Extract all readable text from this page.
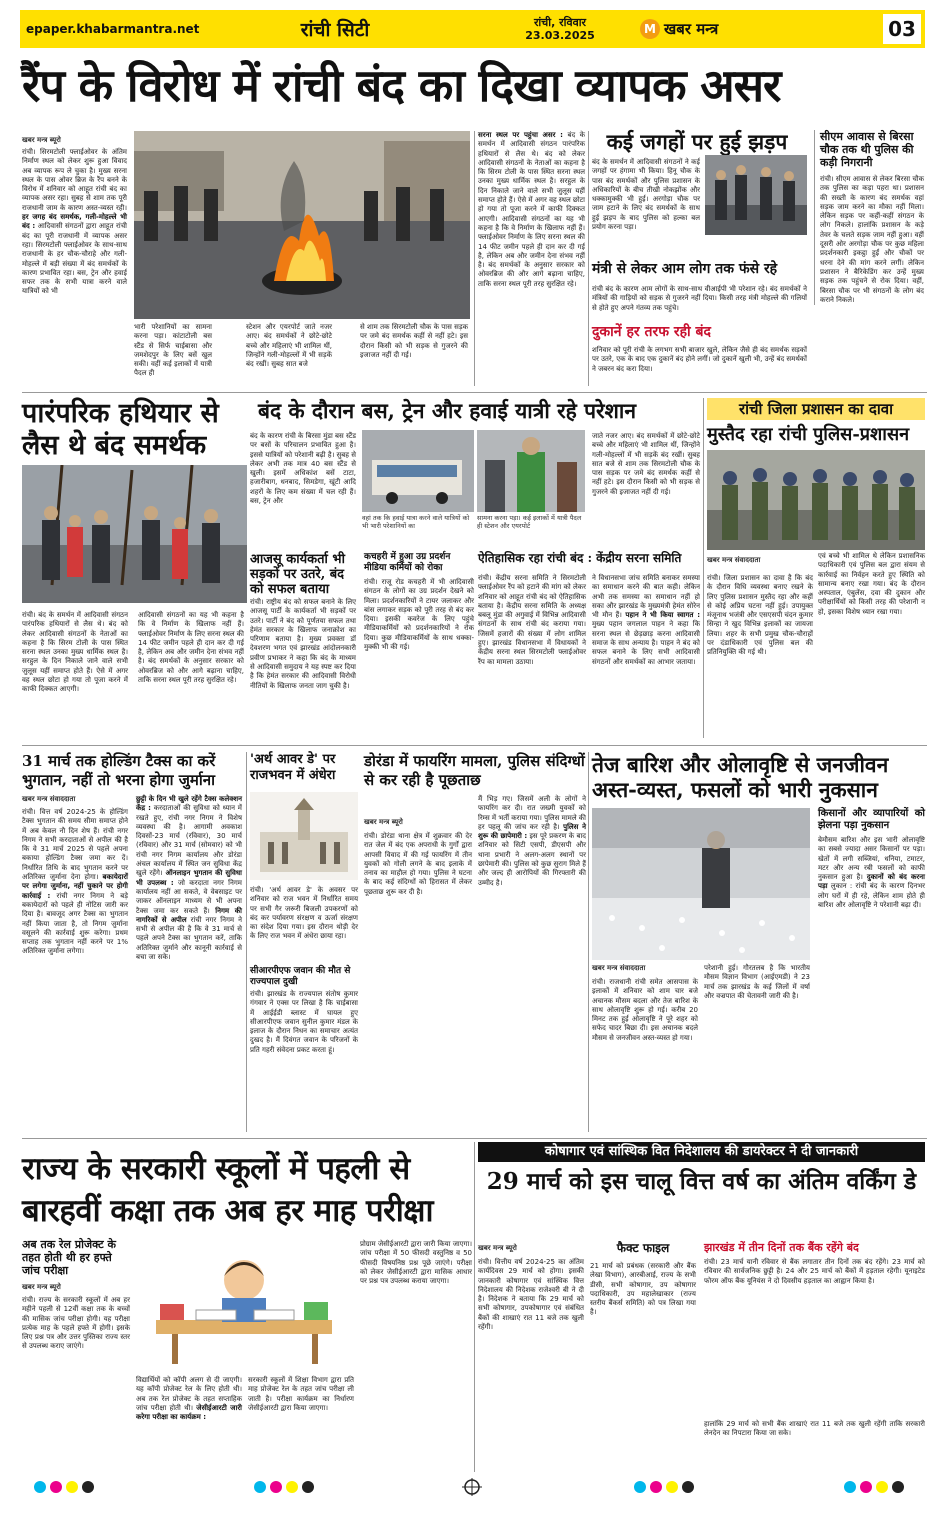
epaper.khabarmantra.net	रांची सिटी	रांची, रविवार
23.03.2025	M खबर मन्त्र	03
रैंप के विरोध में रांची बंद का दिखा व्यापक असर
खबर मन्त्र ब्यूरो
रांची। सिरमटोली फ्लाईओवर के अंतिम निर्माण स्थल को लेकर शुरू हुआ विवाद अब व्यापक रूप ले चुका है। मुख्य सरना स्थल के पास ओवर ब्रिज के रैंप बनने के विरोध में शनिवार को आहूत रांची बंद का व्यापक असर रहा। सुबह से शाम तक पूरी राजधानी जाम के कारण अस्त-व्यस्त रही। हर जगह बंद समर्थक, गली-मोहल्ले भी बंद : आदिवासी संगठनों द्वारा आहूत रांची बंद का पूरी राजधानी में व्यापक असर रहा। सिरमटोली फ्लाईओवर के साथ-साथ राजधानी के हर चौक-चौराहे और गली-मोहल्ले में बड़ी संख्या में बंद समर्थकों के कारण प्रभावित रहा। बस, ट्रेन और हवाई सफर तक के सभी यात्रा करने वाले यात्रियों को भी
भारी परेशानियों का सामना करना पड़ा। कांटाटोली बस स्टैंड से सिर्फ चाईबासा और जमशेदपुर के लिए बसें खुल सकी। वहीं कई इलाकों में यात्री पैदल ही
स्टेशन और एयरपोर्ट जाते नजर आए। बंद समर्थकों ने छोटे-छोटे बच्चे और महिलाएं भी शामिल थीं, जिन्होंने गली-मोहल्लों में भी सड़कें बंद रखीं। सुबह सात बजे
से शाम तक सिरमटोली चौक के पास सड़क पर जमे बंद समर्थक कहीं से नहीं हटे। इस दौरान किसी को भी सड़क से गुजरने की इजाजत नहीं दी गई।
सरना स्थल पर पहुंचा असर : बंद के समर्थन में आदिवासी संगठन पारंपरिक हथियारों से लैस थे। बंद को लेकर आदिवासी संगठनों के नेताओं का कहना है कि सिरम टोली के पास स्थित सरना स्थल उनका मुख्य धार्मिक स्थल है। सरहुल के दिन निकाले जाने वाले सभी जुलूस यहीं समाप्त होते हैं। ऐसे में अगर वह स्थल छोटा हो गया तो पूजा करने में काफी दिक्कत आएगी। आदिवासी संगठनों का यह भी कहना है कि वे निर्माण के खिलाफ नहीं हैं। फ्लाईओवर निर्माण के लिए सरना स्थल की 14 फीट जमीन पहले ही दान कर दी गई है, लेकिन अब और जमीन देना संभव नहीं है। बंद समर्थकों के अनुसार सरकार को ओवरब्रिज की और आगे बढ़ाना चाहिए, ताकि सरना स्थल पूरी तरह सुरक्षित रहे।
कई जगहों पर हुई झड़प
बंद के समर्थन में आदिवासी संगठनों ने कई जगहों पर हंगामा भी किया। हिनू चौक के पास बंद समर्थकों और पुलिस प्रशासन के अधिकारियों के बीच तीखी नोकझोंक और धक्कामुक्की भी हुई। अरगोड़ा चौक पर जाम हटाने के लिए बंद समर्थकों के साथ हुई झड़प के बाद पुलिस को हल्का बल प्रयोग करना पड़ा।
मंत्री से लेकर आम लोग तक फंसे रहे
रांची बंद के कारण आम लोगों के साथ-साथ वीआईपी भी परेशान रहे। बंद समर्थकों ने मंत्रियों की गाड़ियों को सड़क से गुजरने नहीं दिया। किसी तरह मंत्री मोहल्ले की गलियों से होते हुए अपने गंतव्य तक पहुंचे।
दुकानें हर तरफ रही बंद
शनिवार को पूरी रांची के लगभग सभी बाजार खुले, लेकिन जैसे ही बंद समर्थक सड़कों पर उतरे, एक के बाद एक दुकानें बंद होने लगीं। जो दुकानें खुली भी, उन्हें बंद समर्थकों ने जबरन बंद करा दिया।
सीएम आवास से बिरसा चौक तक थी पुलिस की कड़ी निगरानी
रांची। सीएम आवास से लेकर बिरसा चौक तक पुलिस का कड़ा पहरा था। प्रशासन की सख्ती के कारण बंद समर्थक वहां सड़क जाम करने का मौका नहीं मिला। लेकिन सड़क पर कहीं-कहीं संगठन के लोग निकले। हालांकि प्रशासन के कड़े तेवर के चलते सड़क जाम नहीं हुआ। वहीं दूसरी ओर अरगोड़ा चौक पर कुछ महिला प्रदर्शनकारी इकट्ठा हुईं और चौकों पर धरना देने की मांग करने लगीं। लेकिन प्रशासन ने बैरिकेडिंग कर उन्हें मुख्य सड़क तक पहुंचने से रोक दिया। वहीं, बिरसा चौक पर भी संगठनों के लोग बंद कराने निकले।
पारंपरिक हथियार से लैस थे बंद समर्थक
रांची। बंद के समर्थन में आदिवासी संगठन पारंपरिक हथियारों से लैस थे। बंद को लेकर आदिवासी संगठनों के नेताओं का कहना है कि सिरम टोली के पास स्थित सरना स्थल उनका मुख्य धार्मिक स्थल है। सरहुल के दिन निकाले जाने वाले सभी जुलूस यहीं समाप्त होते हैं। ऐसे में अगर वह स्थल छोटा हो गया तो पूजा करने में काफी दिक्कत आएगी।
आदिवासी संगठनों का यह भी कहना है कि वे निर्माण के खिलाफ नहीं हैं। फ्लाईओवर निर्माण के लिए सरना स्थल की 14 फीट जमीन पहले ही दान कर दी गई है, लेकिन अब और जमीन देना संभव नहीं है। बंद समर्थकों के अनुसार सरकार को ओवरब्रिज को और आगे बढ़ाना चाहिए, ताकि सरना स्थल पूरी तरह सुरक्षित रहे।
बंद के दौरान बस, ट्रेन और हवाई यात्री रहे परेशान
बंद के कारण रांची के बिरसा मुंडा बस स्टैंड पर बसों के परिचालन प्रभावित हुआ है। इससे यात्रियों को परेशानी बढ़ी है। सुबह से लेकर अभी तक मात्र 40 बस स्टैंड से खुली। इसमें अधिकांश बसें टाटा, हजारीबाग, धनबाद, सिमडेगा, खूंटी आदि शहरों के लिए कम संख्या में चल रही हैं। बस, ट्रेन और
वहां तक कि हवाई यात्रा करने वाले यात्रियों को भी भारी परेशानियों का
सामना करना पड़ा। कई इलाकों में यात्री पैदल ही स्टेशन और एयरपोर्ट
जाते नजर आए। बंद समर्थकों में छोटे-छोटे बच्चे और महिलाएं भी शामिल थीं, जिन्होंने गली-मोहल्लों में भी सड़कें बंद रखीं। सुबह सात बजे से शाम तक सिरमटोली चौक के पास सड़क पर जमे बंद समर्थक कहीं से नहीं हटे। इस दौरान किसी को भी सड़क से गुजरने की इजाजत नहीं दी गई।
आजसू कार्यकर्ता भी सड़कों पर उतरे, बंद को सफल बताया
रांची। राष्ट्रीय बंद को सफल बनाने के लिए आजसू पार्टी के कार्यकर्ता भी सड़कों पर उतरे। पार्टी ने बंद को पूर्णतया सफल तथा हेमंत सरकार के खिलाफ जनाक्रोश का परिणाम बताया है। मुख्य प्रवक्ता डॉ देवशरण भगत एवं झारखंड आंदोलनकारी प्रवीण प्रभाकर ने कहा कि बंद के माध्यम से आदिवासी समुदाय ने यह स्पष्ट कर दिया है कि हेमंत सरकार की आदिवासी विरोधी नीतियों के खिलाफ जनता जाग चुकी है।
कचहरी में हुआ उग्र प्रदर्शन मीडिया कर्मियों को रोका
रांची। राजू रोड कचहरी में भी आदिवासी संगठन के लोगों का उग्र प्रदर्शन देखने को मिला। प्रदर्शनकारियों ने टायर जलाकर और बांस लगाकर सड़क को पूरी तरह से बंद कर दिया। इसकी कवरेज के लिए पहुंचे मीडियाकर्मियों को प्रदर्शनकारियों ने रोक दिया। कुछ मीडियाकर्मियों के साथ धक्का-मुक्की भी की गई।
ऐतिहासिक रहा रांची बंद : केंद्रीय सरना समिति
रांची। केंद्रीय सरना समिति ने सिरमटोली फ्लाईओवर रैंप को हटाने की मांग को लेकर शनिवार को आहूत रांची बंद को ऐतिहासिक बताया है। केंद्रीय सरना समिति के अध्यक्ष बबलू मुंडा की अगुवाई में विभिन्न आदिवासी संगठनों के साथ रांची बंद कराया गया। जिसमें हजारों की संख्या में लोग शामिल हुए। झारखंड विधानसभा में विधायकों ने केंद्रीय सरना स्थल सिरमटोली फ्लाईओवर रैंप का मामला उठाया।
ने विधानसभा जांच समिति बनाकर समस्या का समाधान करने की बात कही। लेकिन अभी तक समस्या का समाधान नहीं हो सका और झारखंड के मुख्यमंत्री हेमंत सोरेन भी मौन हैं। पहान ने भी किया स्वागत : मुख्य पहान जगलाल पाहन ने कहा कि सरना स्थल से छेड़छाड़ करना आदिवासी समाज के साथ अन्याय है। पाहन ने बंद को सफल बनाने के लिए सभी आदिवासी संगठनों और समर्थकों का आभार जताया।
रांची जिला प्रशासन का दावा
मुस्तैद रहा रांची पुलिस-प्रशासन
खबर मन्त्र संवाददाता
रांची। जिला प्रशासन का दावा है कि बंद के दौरान विधि व्यवस्था बनाए रखने के लिए पुलिस प्रशासन मुस्तैद रहा और कहीं से कोई अप्रिय घटना नहीं हुई। उपायुक्त मंजूनाथ भजंत्री और एसएसपी चंदन कुमार सिन्हा ने खुद विभिन्न इलाकों का जायजा लिया। शहर के सभी प्रमुख चौक-चौराहों पर दंडाधिकारी एवं पुलिस बल की प्रतिनियुक्ति की गई थी।
एवं बच्चे भी शामिल थे लेकिन प्रशासनिक पदाधिकारी एवं पुलिस बल द्वारा संयम से कार्रवाई का निर्वहन करते हुए स्थिति को सामान्य बनाए रखा गया। बंद के दौरान अस्पताल, एंबुलेंस, दवा की दुकान और परीक्षार्थियों को किसी तरह की परेशानी न हो, इसका विशेष ध्यान रखा गया।
31 मार्च तक होल्डिंग टैक्स का करें भुगतान, नहीं तो भरना होगा जुर्माना
खबर मन्त्र संवाददाता
रांची। वित्त वर्ष 2024-25 के होल्डिंग टैक्स भुगतान की समय सीमा समाप्त होने में अब केवल नौ दिन शेष हैं। रांची नगर निगम ने सभी करदाताओं से अपील की है कि वे 31 मार्च 2025 से पहले अपना बकाया होल्डिंग टैक्स जमा कर दें। निर्धारित तिथि के बाद भुगतान करने पर अतिरिक्त जुर्माना देना होगा। बकायेदारों पर लगेगा जुर्माना, नहीं चुकाने पर होगी कार्रवाई : रांची नगर निगम ने बड़े बकायेदारों को पहले ही नोटिस जारी कर दिया है। बावजूद अगर टैक्स का भुगतान नहीं किया जाता है, तो निगम जुर्माना वसूलने की कार्रवाई शुरू करेगा। प्रथम सप्ताह तक भुगतान नहीं करने पर 1% अतिरिक्त जुर्माना लगेगा।
छुट्टी के दिन भी खुले रहेंगे टैक्स कलेक्शन केंद्र : करदाताओं की सुविधा को ध्यान में रखते हुए, रांची नगर निगम ने विशेष व्यवस्था की है। आगामी अवकाश दिवसों-23 मार्च (रविवार), 30 मार्च (रविवार) और 31 मार्च (सोमवार) को भी रांची नगर निगम कार्यालय और डोरंडा अंचल कार्यालय में स्थित जन सुविधा केंद्र खुले रहेंगे। ऑनलाइन भुगतान की सुविधा भी उपलब्ध : जो करदाता नगर निगम कार्यालय नहीं आ सकते, वे वेबसाइट पर जाकर ऑनलाइन माध्यम से भी अपना टैक्स जमा कर सकते हैं। निगम की नागरिकों से अपील रांची नगर निगम ने सभी से अपील की है कि वे 31 मार्च से पहले अपने टैक्स का भुगतान करें, ताकि अतिरिक्त जुर्माने और कानूनी कार्रवाई से बचा जा सके।
'अर्थ आवर डे' पर राजभवन में अंधेरा
रांची। 'अर्थ आवर डे' के अवसर पर शनिवार को राज भवन में निर्धारित समय पर सभी गैर जरूरी बिजली उपकरणों को बंद कर पर्यावरण संरक्षण व ऊर्जा संरक्षण का संदेश दिया गया। इस दौरान थोड़ी देर के लिए राज भवन में अंधेरा छाया रहा।
सीआरपीएफ जवान की मौत से राज्यपाल दुखी
रांची। झारखंड के राज्यपाल संतोष कुमार गंगवार ने एक्स पर लिखा है कि चाईबासा में आईईडी ब्लास्ट में घायल हुए सीआरपीएफ जवान सुनील कुमार मंडल के इलाज के दौरान निधन का समाचार अत्यंत दुखद है। मैं दिवंगत जवान के परिजनों के प्रति गहरी संवेदना प्रकट करता हूं।
डोरंडा में फायरिंग मामला, पुलिस संदिग्धों से कर रही है पूछताछ
खबर मन्त्र ब्यूरो
रांची। डोरंडा थाना क्षेत्र में शुक्रवार की देर रात जेल में बंद एक अपराधी के गुर्गों द्वारा आपसी विवाद में की गई फायरिंग में तीन युवकों को गोली लगने के बाद इलाके में तनाव का माहौल हो गया। पुलिस ने घटना के बाद कई संदिग्धों को हिरासत में लेकर पूछताछ शुरू कर दी है।
मैं भिड़ गए। जिसमें अली के लोगों ने फायरिंग कर दी। रात जख्मी युवकों को रिम्स में भर्ती कराया गया। पुलिस मामले की हर पहलू की जांच कर रही है। पुलिस ने शुरू की छापेमारी : इस पूरे प्रकरण के बाद शनिवार को सिटी एसपी, डीएसपी और थाना प्रभारी ने अलग-अलग स्थानों पर छापेमारी की। पुलिस को कुछ सुराग मिले हैं और जल्द ही आरोपियों की गिरफ्तारी की उम्मीद है।
तेज बारिश और ओलावृष्टि से जनजीवन अस्त-व्यस्त, फसलों को भारी नुकसान
किसानों और व्यापारियों को झेलना पड़ा नुकसान
बेमौसम बारिश और इस भारी ओलावृष्टि का सबसे ज्यादा असर किसानों पर पड़ा। खेतों में लगी सब्जियां, धनिया, टमाटर, मटर और अन्य रबी फसलों को काफी नुकसान हुआ है। दुकानों को बंद करना पड़ा लुकान : रांची बंद के कारण दिनभर लोग घरों में ही रहे, लेकिन शाम होते ही बारिश और ओलावृष्टि ने परेशानी बढ़ा दी।
खबर मन्त्र संवाददाता
रांची। राजधानी रांची समेत आसपास के इलाकों में शनिवार को शाम चार बजे अचानक मौसम बदला और तेज बारिश के साथ ओलावृष्टि शुरू हो गई। करीब 20 मिनट तक हुई ओलावृष्टि ने पूरे शहर को सफेद चादर बिछा दी। इस अचानक बदले मौसम से जनजीवन अस्त-व्यस्त हो गया।
परेशानी हुई। गौरतलब है कि भारतीय मौसम विज्ञान विभाग (आईएमडी) ने 23 मार्च तक झारखंड के कई जिलों में वर्षा और वज्रपात की चेतावनी जारी की है।
राज्य के सरकारी स्कूलों में पहली से बारहवीं कक्षा तक अब हर माह परीक्षा
अब तक रेल प्रोजेक्ट के तहत होती थी हर हफ्ते जांच परीक्षा
खबर मन्त्र ब्यूरो
रांची। राज्य के सरकारी स्कूलों में अब हर महीने पहली से 12वीं कक्षा तक के बच्चों की मासिक जांच परीक्षा होगी। यह परीक्षा प्रत्येक माह के पहले हफ्ते में होगी। इसके लिए प्रश्न पत्र और उत्तर पुस्तिका राज्य स्तर से उपलब्ध कराए जाएंगे।
विद्यार्थियों को कॉपी अलग से दी जाएगी। यह कॉपी प्रोजेक्ट रेल के लिए होती थी। अब तक रेल प्रोजेक्ट के तहत सप्ताहिक जांच परीक्षा होती थी। जेसीईआरटी जारी करेगा परीक्षा का कार्यक्रम :
सरकारी स्कूलों में शिक्षा विभाग द्वारा प्रति माह प्रोजेक्ट रेल के तहत जांच परीक्षा ली जाती है। परीक्षा कार्यक्रम का निर्धारण जेसीईआरटी द्वारा किया जाएगा।
प्रोग्राम जेसीईआरटी द्वारा जारी किया जाएगा। जांच परीक्षा में 50 फीसदी वस्तुनिष्ठ व 50 फीसदी विषयनिष्ठ प्रश्न पूछे जाएंगे। परीक्षा को लेकर जेसीईआरटी द्वारा मासिक आधार पर प्रश्न पत्र उपलब्ध कराया जाएगा।
कोषागार एवं सांस्थिक वित निदेशालय की डायरेक्टर ने दी जानकारी
29 मार्च को इस चालू वित्त वर्ष का अंतिम वर्किंग डे
खबर मन्त्र ब्यूरो
रांची। वित्तीय वर्ष 2024-25 का अंतिम कार्यदिवस 29 मार्च को होगा। इसकी जानकारी कोषागार एवं सांस्थिक वित्त निदेशालय की निदेशक राजेश्वरी बी ने दी है। निदेशक ने बताया कि 29 मार्च को सभी कोषागार, उपकोषागार एवं संबंधित बैंकों की शाखाएं रात 11 बजे तक खुली रहेंगी।
फैक्ट फाइल
21 मार्च को प्रबंधक (सरकारी और बैंक लेखा विभाग), आरबीआई, राज्य के सभी डीसी, सभी कोषागार, उप कोषागार पदाधिकारी, उप महालेखाकार (राज्य स्तरीय बैंकर्स समिति) को पत्र लिखा गया है।
झारखंड में तीन दिनों तक बैंक रहेंगे बंद
रांची। 23 मार्च यानी रविवार से बैंक लगातार तीन दिनों तक बंद रहेंगे। 23 मार्च को रविवार की सार्वजनिक छुट्टी है। 24 और 25 मार्च को बैंकों में हड़ताल रहेगी। यूनाइटेड फोरम ऑफ बैंक यूनियंस ने दो दिवसीय हड़ताल का आह्वान किया है।
हालांकि 29 मार्च को सभी बैंक शाखाएं रात 11 बजे तक खुली रहेंगी ताकि सरकारी लेनदेन का निपटारा किया जा सके।
